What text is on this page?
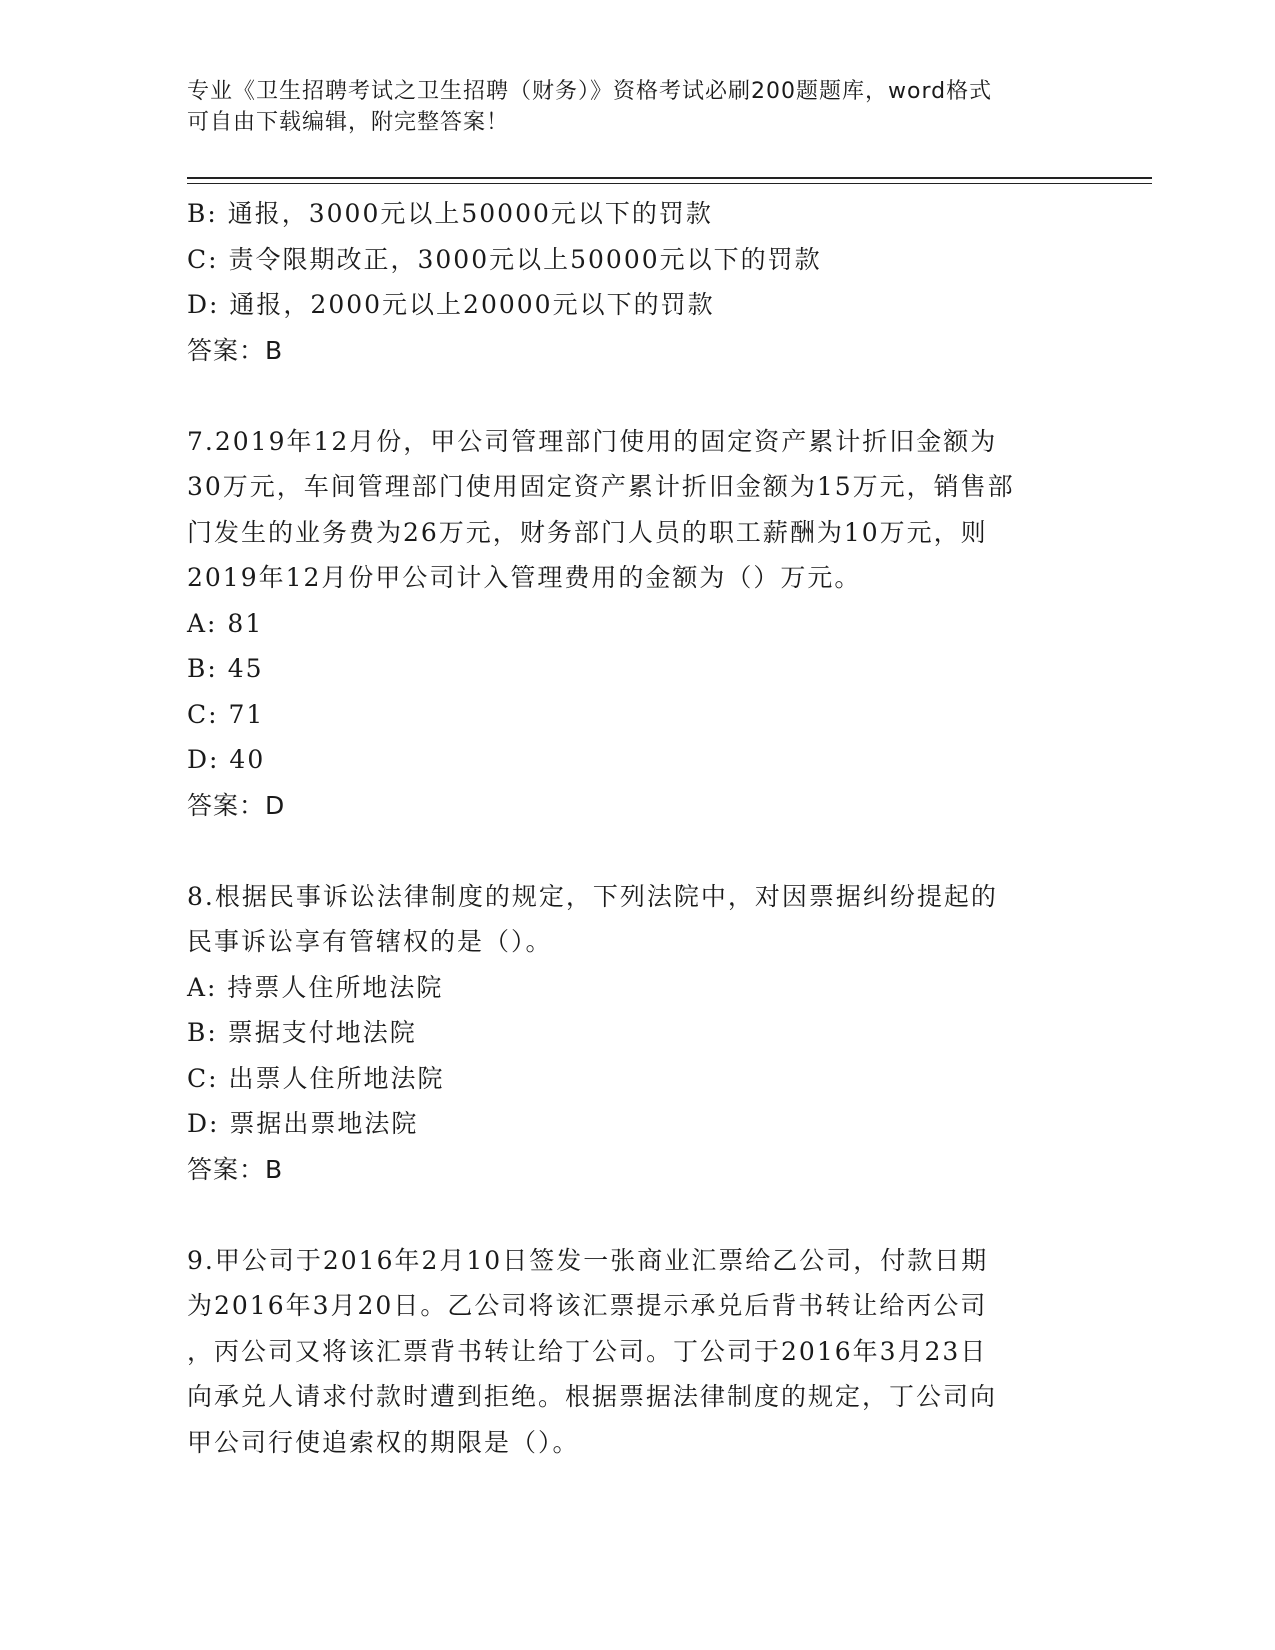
专业《卫生招聘考试之卫生招聘（财务）》资格考试必刷200题题库，word格式
可自由下载编辑，附完整答案！
B: 通报，3000元以上50000元以下的罚款
C: 责令限期改正，3000元以上50000元以下的罚款
D: 通报，2000元以上20000元以下的罚款
答案：B
7.2019年12月份，甲公司管理部门使用的固定资产累计折旧金额为
30万元，车间管理部门使用固定资产累计折旧金额为15万元，销售部
门发生的业务费为26万元，财务部门人员的职工薪酬为10万元，则
2019年12月份甲公司计入管理费用的金额为（）万元。
A: 81
B: 45
C: 71
D: 40
答案：D
8.根据民事诉讼法律制度的规定，下列法院中，对因票据纠纷提起的
民事诉讼享有管辖权的是（）。
A: 持票人住所地法院
B: 票据支付地法院
C: 出票人住所地法院
D: 票据出票地法院
答案：B
9.甲公司于2016年2月10日签发一张商业汇票给乙公司，付款日期
为2016年3月20日。乙公司将该汇票提示承兑后背书转让给丙公司
，丙公司又将该汇票背书转让给丁公司。丁公司于2016年3月23日
向承兑人请求付款时遭到拒绝。根据票据法律制度的规定，丁公司向
甲公司行使追索权的期限是（）。
